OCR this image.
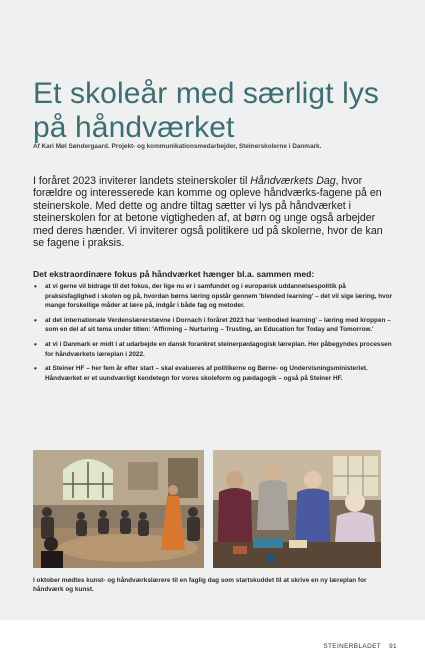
Et skoleår med særligt lys på håndværket
Af Kari Møl Søndergaard. Projekt- og kommunikationsmedarbejder, Steinerskolerne i Danmark.

I foråret 2023 inviterer landets steinerskoler til Håndværkets Dag, hvor forældre og interesserede kan komme og opleve håndværks-fagene på en steinerskole. Med dette og andre tiltag sætter vi lys på håndværket i steinerskolen for at betone vigtigheden af, at børn og unge også arbejder med deres hænder. Vi inviterer også politikere ud på skolerne, hvor de kan se fagene i praksis.

Det ekstraordinære fokus på håndværket hænger bl.a. sammen med:
• at vi gerne vil bidrage til det fokus, der lige nu er i samfundet og i europæisk uddannelsespolitik på praksisfaglighed i skolen og på, hvordan børns læring opstår gennem 'blended learning' – det vil sige læring, hvor mange forskellige måder at lære på, indgår i både fag og metoder.
• at det internationale Verdenslærerstævne i Dornach i foråret 2023 har 'embodied learning' – læring med kroppen – som en del af sit tema under titlen: 'Affirming – Nurturing – Trusting, an Education for Today and Tomorrow.'
• at vi i Danmark er midt i at udarbejde en dansk forankret steinerpædagogisk læreplan. Her påbegyndes processen for håndværkets læreplan i 2022.
• at Steiner HF – her fem år efter start – skal evalueres af politikerne og Børne- og Undervisningsministeriet. Håndværket er et uundværligt kendetegn for vores skoleform og pædagogik – også på Steiner HF.
I oktober mødtes kunst- og håndværkslærere til en faglig dag som startskuddet til at skrive en ny læreplan for håndværk og kunst.
STEINERBLADET 91
